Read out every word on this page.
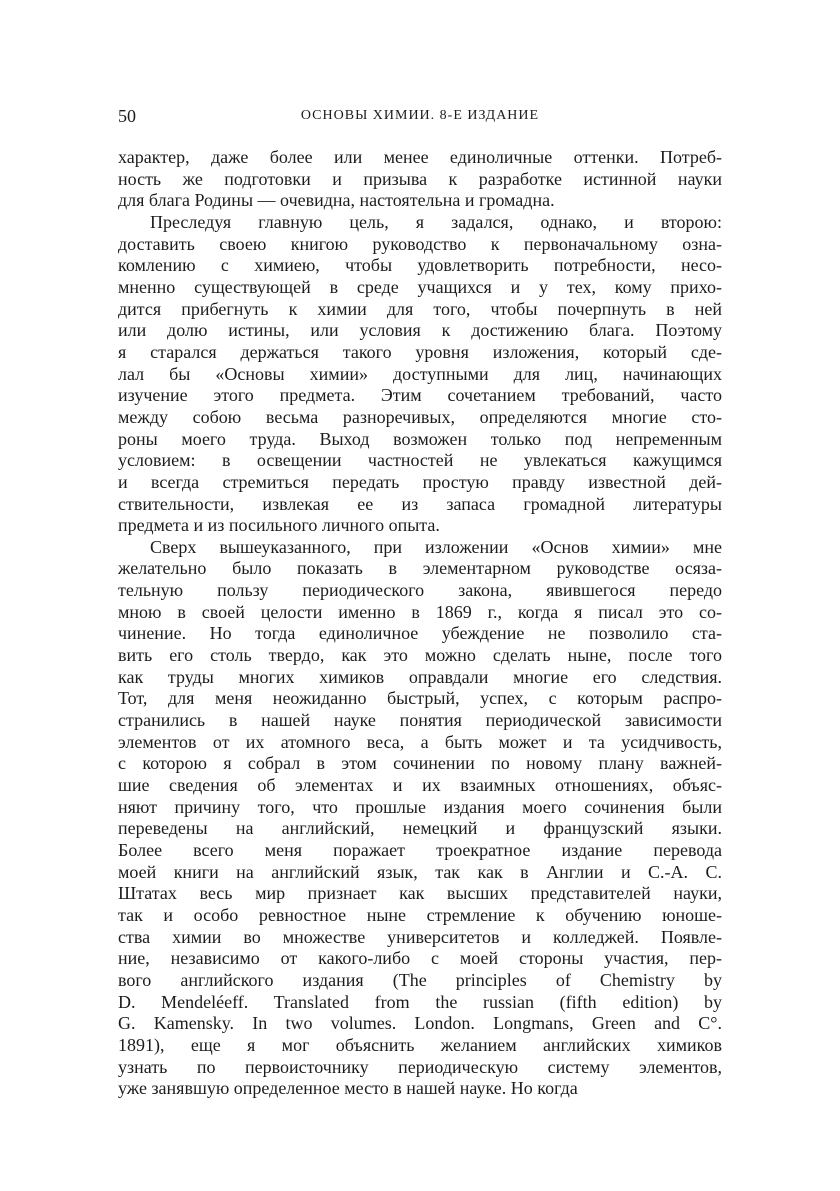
50	ОСНОВЫ ХИМИИ. 8-Е ИЗДАНИЕ
характер, даже более или менее единоличные оттенки. Потреб-
ность же подготовки и призыва к разработке истинной науки
для блага Родины — очевидна, настоятельна и громадна.
Преследуя главную цель, я задался, однако, и второю:
доставить своею книгою руководство к первоначальному озна-
комлению с химиею, чтобы удовлетворить потребности, несо-
мненно существующей в среде учащихся и у тех, кому прихо-
дится прибегнуть к химии для того, чтобы почерпнуть в ней
или долю истины, или условия к достижению блага. Поэтому
я старался держаться такого уровня изложения, который сде-
лал бы «Основы химии» доступными для лиц, начинающих
изучение этого предмета. Этим сочетанием требований, часто
между собою весьма разноречивых, определяются многие сто-
роны моего труда. Выход возможен только под непременным
условием: в освещении частностей не увлекаться кажущимся
и всегда стремиться передать простую правду известной дей-
ствительности, извлекая ее из запаса громадной литературы
предмета и из посильного личного опыта.
Сверх вышеуказанного, при изложении «Основ химии» мне
желательно было показать в элементарном руководстве осяза-
тельную пользу периодического закона, явившегося передо
мною в своей целости именно в 1869 г., когда я писал это со-
чинение. Но тогда единоличное убеждение не позволило ста-
вить его столь твердо, как это можно сделать ныне, после того
как труды многих химиков оправдали многие его следствия.
Тот, для меня неожиданно быстрый, успех, с которым распро-
странились в нашей науке понятия периодической зависимости
элементов от их атомного веса, а быть может и та усидчивость,
с которою я собрал в этом сочинении по новому плану важней-
шие сведения об элементах и их взаимных отношениях, объяс-
няют причину того, что прошлые издания моего сочинения были
переведены на английский, немецкий и французский языки.
Более всего меня поражает троекратное издание перевода
моей книги на английский язык, так как в Англии и С.-А. С.
Штатах весь мир признает как высших представителей науки,
так и особо ревностное ныне стремление к обучению юноше-
ства химии во множестве университетов и колледжей. Появле-
ние, независимо от какого-либо с моей стороны участия, пер-
вого английского издания (The principles of Chemistry by
D. Mendeléeff. Translated from the russian (fifth edition) by
G. Kamensky. In two volumes. London. Longmans, Green and C°.
1891), еще я мог объяснить желанием английских химиков
узнать по первоисточнику периодическую систему элементов,
уже занявшую определенное место в нашей науке. Но когда
